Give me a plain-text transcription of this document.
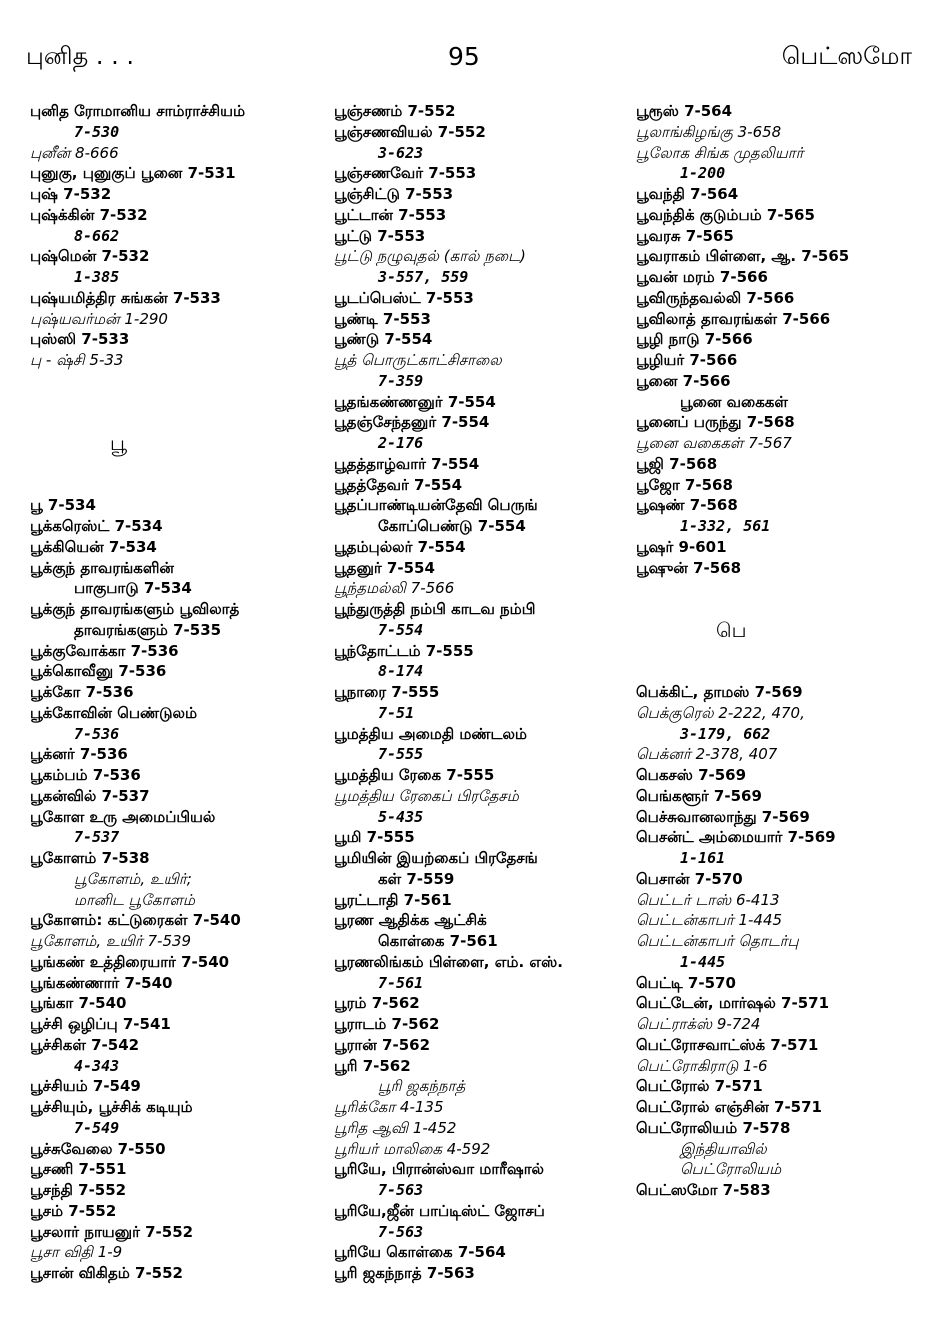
புனித . . .	95	பெட்ஸமோ
புனித ரோமானிய சாம்ராச்சியம்
7-530
புனீன் 8-666
புனுகு, புனுகுப் பூனை 7-531
புஷ் 7-532
புஷ்க்கின் 7-532
8-662
புஷ்மென் 7-532
1-385
புஷ்யமித்திர சுங்கன் 7-533
புஷ்யவர்மன் 1-290
புஸ்ஸி 7-533
பு - ஷ்சி 5-33
பூ
பூ 7-534
பூக்கரெஸ்ட் 7-534
பூக்கியென் 7-534
பூக்குந் தாவரங்களின்
பாகுபாடு 7-534
பூக்குந் தாவரங்களும் பூவிலாத்
தாவரங்களும் 7-535
பூக்குவோக்கா 7-536
பூக்கொவீனு 7-536
பூக்கோ 7-536
பூக்கோவின் பெண்டுலம்
7-536
பூக்னர் 7-536
பூகம்பம் 7-536
பூகன்வில் 7-537
பூகோள உரு அமைப்பியல்
7-537
பூகோளம் 7-538
பூகோளம், உயிர்;
மானிட பூகோளம்
பூகோளம்: கட்டுரைகள் 7-540
பூகோளம், உயிர் 7-539
பூங்கண் உத்திரையார் 7-540
பூங்கண்ணார் 7-540
பூங்கா 7-540
பூச்சி ஒழிப்பு 7-541
பூச்சிகள் 7-542
4-343
பூச்சியம் 7-549
பூச்சியும், பூச்சிக் கடியும்
7-549
பூச்சுவேலை 7-550
பூசணி 7-551
பூசந்தி 7-552
பூசம் 7-552
பூசலார் நாயனுர் 7-552
பூசா விதி 1-9
பூசான் விகிதம் 7-552
பூஞ்சணம் 7-552
பூஞ்சணவியல் 7-552
3-623
பூஞ்சணவேர் 7-553
பூஞ்சிட்டு 7-553
பூட்டான் 7-553
பூட்டு 7-553
பூட்டு நழுவுதல் (கால் நடை)
3-557, 559
பூடப்பெஸ்ட் 7-553
பூண்டி 7-553
பூண்டு 7-554
பூத் பொருட்காட்சிசாலை
7-359
பூதங்கண்ணனுர் 7-554
பூதஞ்சேந்தனுர் 7-554
2-176
பூதத்தாழ்வார் 7-554
பூதத்தேவர் 7-554
பூதப்பாண்டியன்தேவி பெருங்
கோப்பெண்டு 7-554
பூதம்புல்லர் 7-554
பூதனுர் 7-554
பூந்தமல்லி 7-566
பூந்துருத்தி நம்பி காடவ நம்பி
7-554
பூந்தோட்டம் 7-555
8-174
பூநாரை 7-555
7-51
பூமத்திய அமைதி மண்டலம்
7-555
பூமத்திய ரேகை 7-555
பூமத்திய ரேகைப் பிரதேசம்
5-435
பூமி 7-555
பூமியின் இயற்கைப் பிரதேசங்
கள் 7-559
பூரட்டாதி 7-561
பூரண ஆதிக்க ஆட்சிக்
கொள்கை 7-561
பூரணலிங்கம் பிள்ளை, எம். எஸ்.
7-561
பூரம் 7-562
பூராடம் 7-562
பூரான் 7-562
பூரி 7-562
பூரி ஜகந்நாத்
பூரிக்கோ 4-135
பூரித ஆவி 1-452
பூரியர் மாலிகை 4-592
பூரியே, பிரான்ஸ்வா மாரீஷால்
7-563
பூரியே,ஜீன் பாப்டிஸ்ட் ஜோசப்
7-563
பூரியே கொள்கை 7-564
பூரி ஜகந்நாத் 7-563
பூரூஸ் 7-564
பூலாங்கிழங்கு 3-658
பூலோக சிங்க முதலியார்
1-200
பூவந்தி 7-564
பூவந்திக் குடும்பம் 7-565
பூவரசு 7-565
பூவராகம் பிள்ளை, ஆ. 7-565
பூவன் மரம் 7-566
பூவிருந்தவல்லி 7-566
பூவிலாத் தாவரங்கள் 7-566
பூழி நாடு 7-566
பூழியர் 7-566
பூனை 7-566
பூனை வகைகள்
பூனைப் பருந்து 7-568
பூனை வகைகள் 7-567
பூஜி 7-568
பூஜோ 7-568
பூஷண் 7-568
1-332, 561
பூஷர் 9-601
பூஷுன் 7-568
பெ
பெக்கிட், தாமஸ் 7-569
பெக்குரெல் 2-222, 470,
3-179, 662
பெக்னர் 2-378, 407
பெகசஸ் 7-569
பெங்களூர் 7-569
பெச்சுவானலாந்து 7-569
பெசன்ட் அம்மையார் 7-569
1-161
பெசான் 7-570
பெட்டர் டாஸ் 6-413
பெட்டன்காபர் 1-445
பெட்டன்காபர் தொடர்பு
1-445
பெட்டி 7-570
பெட்டேன், மார்ஷல் 7-571
பெட்ராக்ஸ் 9-724
பெட்ரோசவாட்ஸ்க் 7-571
பெட்ரோகிராடு 1-6
பெட்ரோல் 7-571
பெட்ரோல் எஞ்சின் 7-571
பெட்ரோலியம் 7-578
இந்தியாவில்
பெட்ரோலியம்
பெட்ஸமோ 7-583
